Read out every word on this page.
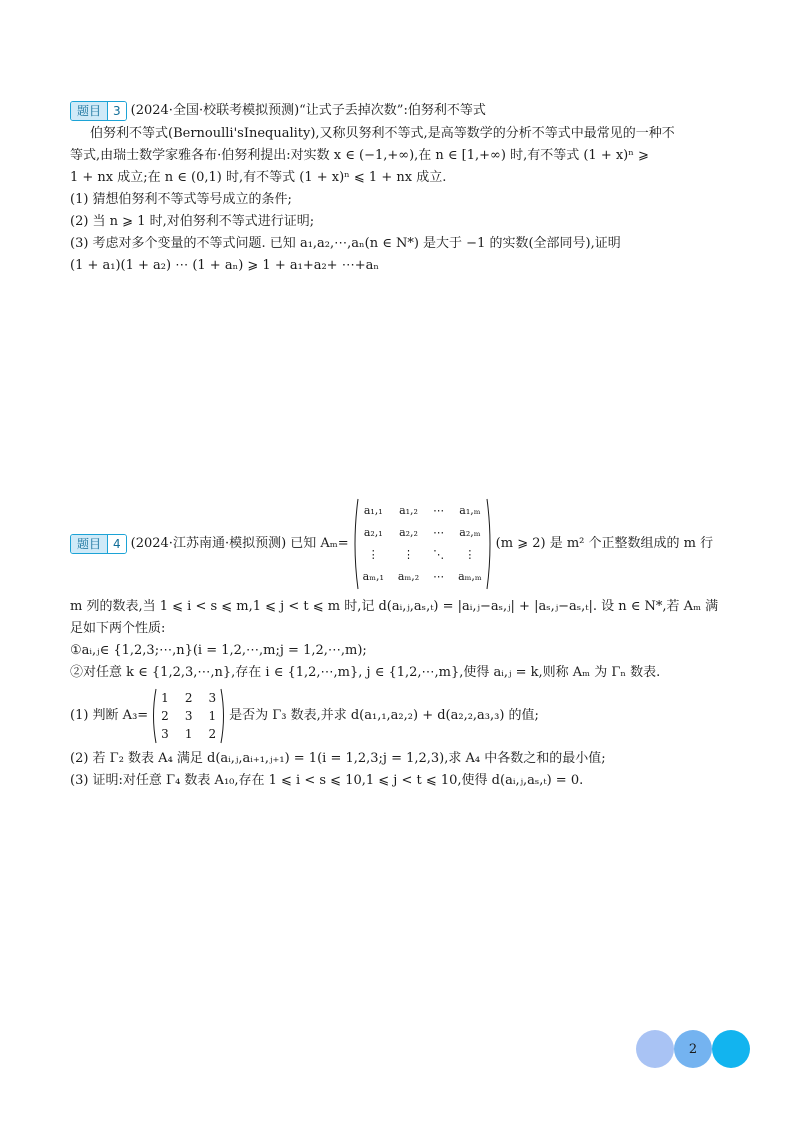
题目	3 (2024·全国·校联考模拟预测)“让式子丢掉次数”:伯努利不等式
伯努利不等式(Bernoulli'sInequality),又称贝努利不等式,是高等数学的分析不等式中最常见的一种不
等式,由瑞士数学家雅各布·伯努利提出:对实数 x ∈ (−1,+∞),在 n ∈ [1,+∞) 时,有不等式 (1 + x)ⁿ ⩾
1 + nx 成立;在 n ∈ (0,1) 时,有不等式 (1 + x)ⁿ ⩽ 1 + nx 成立.
(1) 猜想伯努利不等式等号成立的条件;
(2) 当 n ⩾ 1 时,对伯努利不等式进行证明;
(3) 考虑对多个变量的不等式问题. 已知 a₁,a₂,⋯,aₙ(n ∈ N*) 是大于 −1 的实数(全部同号),证明
(1 + a₁)(1 + a₂) ⋯ (1 + aₙ) ⩾ 1 + a₁+a₂+ ⋯+aₙ
题目	4 (2024·江苏南通·模拟预测) 已知 Aₘ=
a₁,₁ a₁,₂ ⋯ a₁,ₘ
a₂,₁ a₂,₂ ⋯ a₂,ₘ
⋮	⋮	⋱	⋮
aₘ,₁ aₘ,₂ ⋯ aₘ,ₘ
(m ⩾ 2) 是 m² 个正整数组成的 m 行
m 列的数表,当 1 ⩽ i < s ⩽ m,1 ⩽ j < t ⩽ m 时,记 d(aᵢ,ⱼ,aₛ,ₜ) = |aᵢ,ⱼ−aₛ,ⱼ| + |aₛ,ⱼ−aₛ,ₜ|. 设 n ∈ N*,若 Aₘ 满
足如下两个性质:
①aᵢ,ⱼ∈ {1,2,3;⋯,n}(i = 1,2,⋯,m;j = 1,2,⋯,m);
②对任意 k ∈ {1,2,3,⋯,n},存在 i ∈ {1,2,⋯,m}, j ∈ {1,2,⋯,m},使得 aᵢ,ⱼ = k,则称 Aₘ 为 Γₙ 数表.
(1) 判断 A₃=
1 2 3
2 3 1
3 1 2
是否为 Γ₃ 数表,并求 d(a₁,₁,a₂,₂) + d(a₂,₂,a₃,₃) 的值;
(2) 若 Γ₂ 数表 A₄ 满足 d(aᵢ,ⱼ,aᵢ₊₁,ⱼ₊₁) = 1(i = 1,2,3;j = 1,2,3),求 A₄ 中各数之和的最小值;
(3) 证明:对任意 Γ₄ 数表 A₁₀,存在 1 ⩽ i < s ⩽ 10,1 ⩽ j < t ⩽ 10,使得 d(aᵢ,ⱼ,aₛ,ₜ) = 0.
2
